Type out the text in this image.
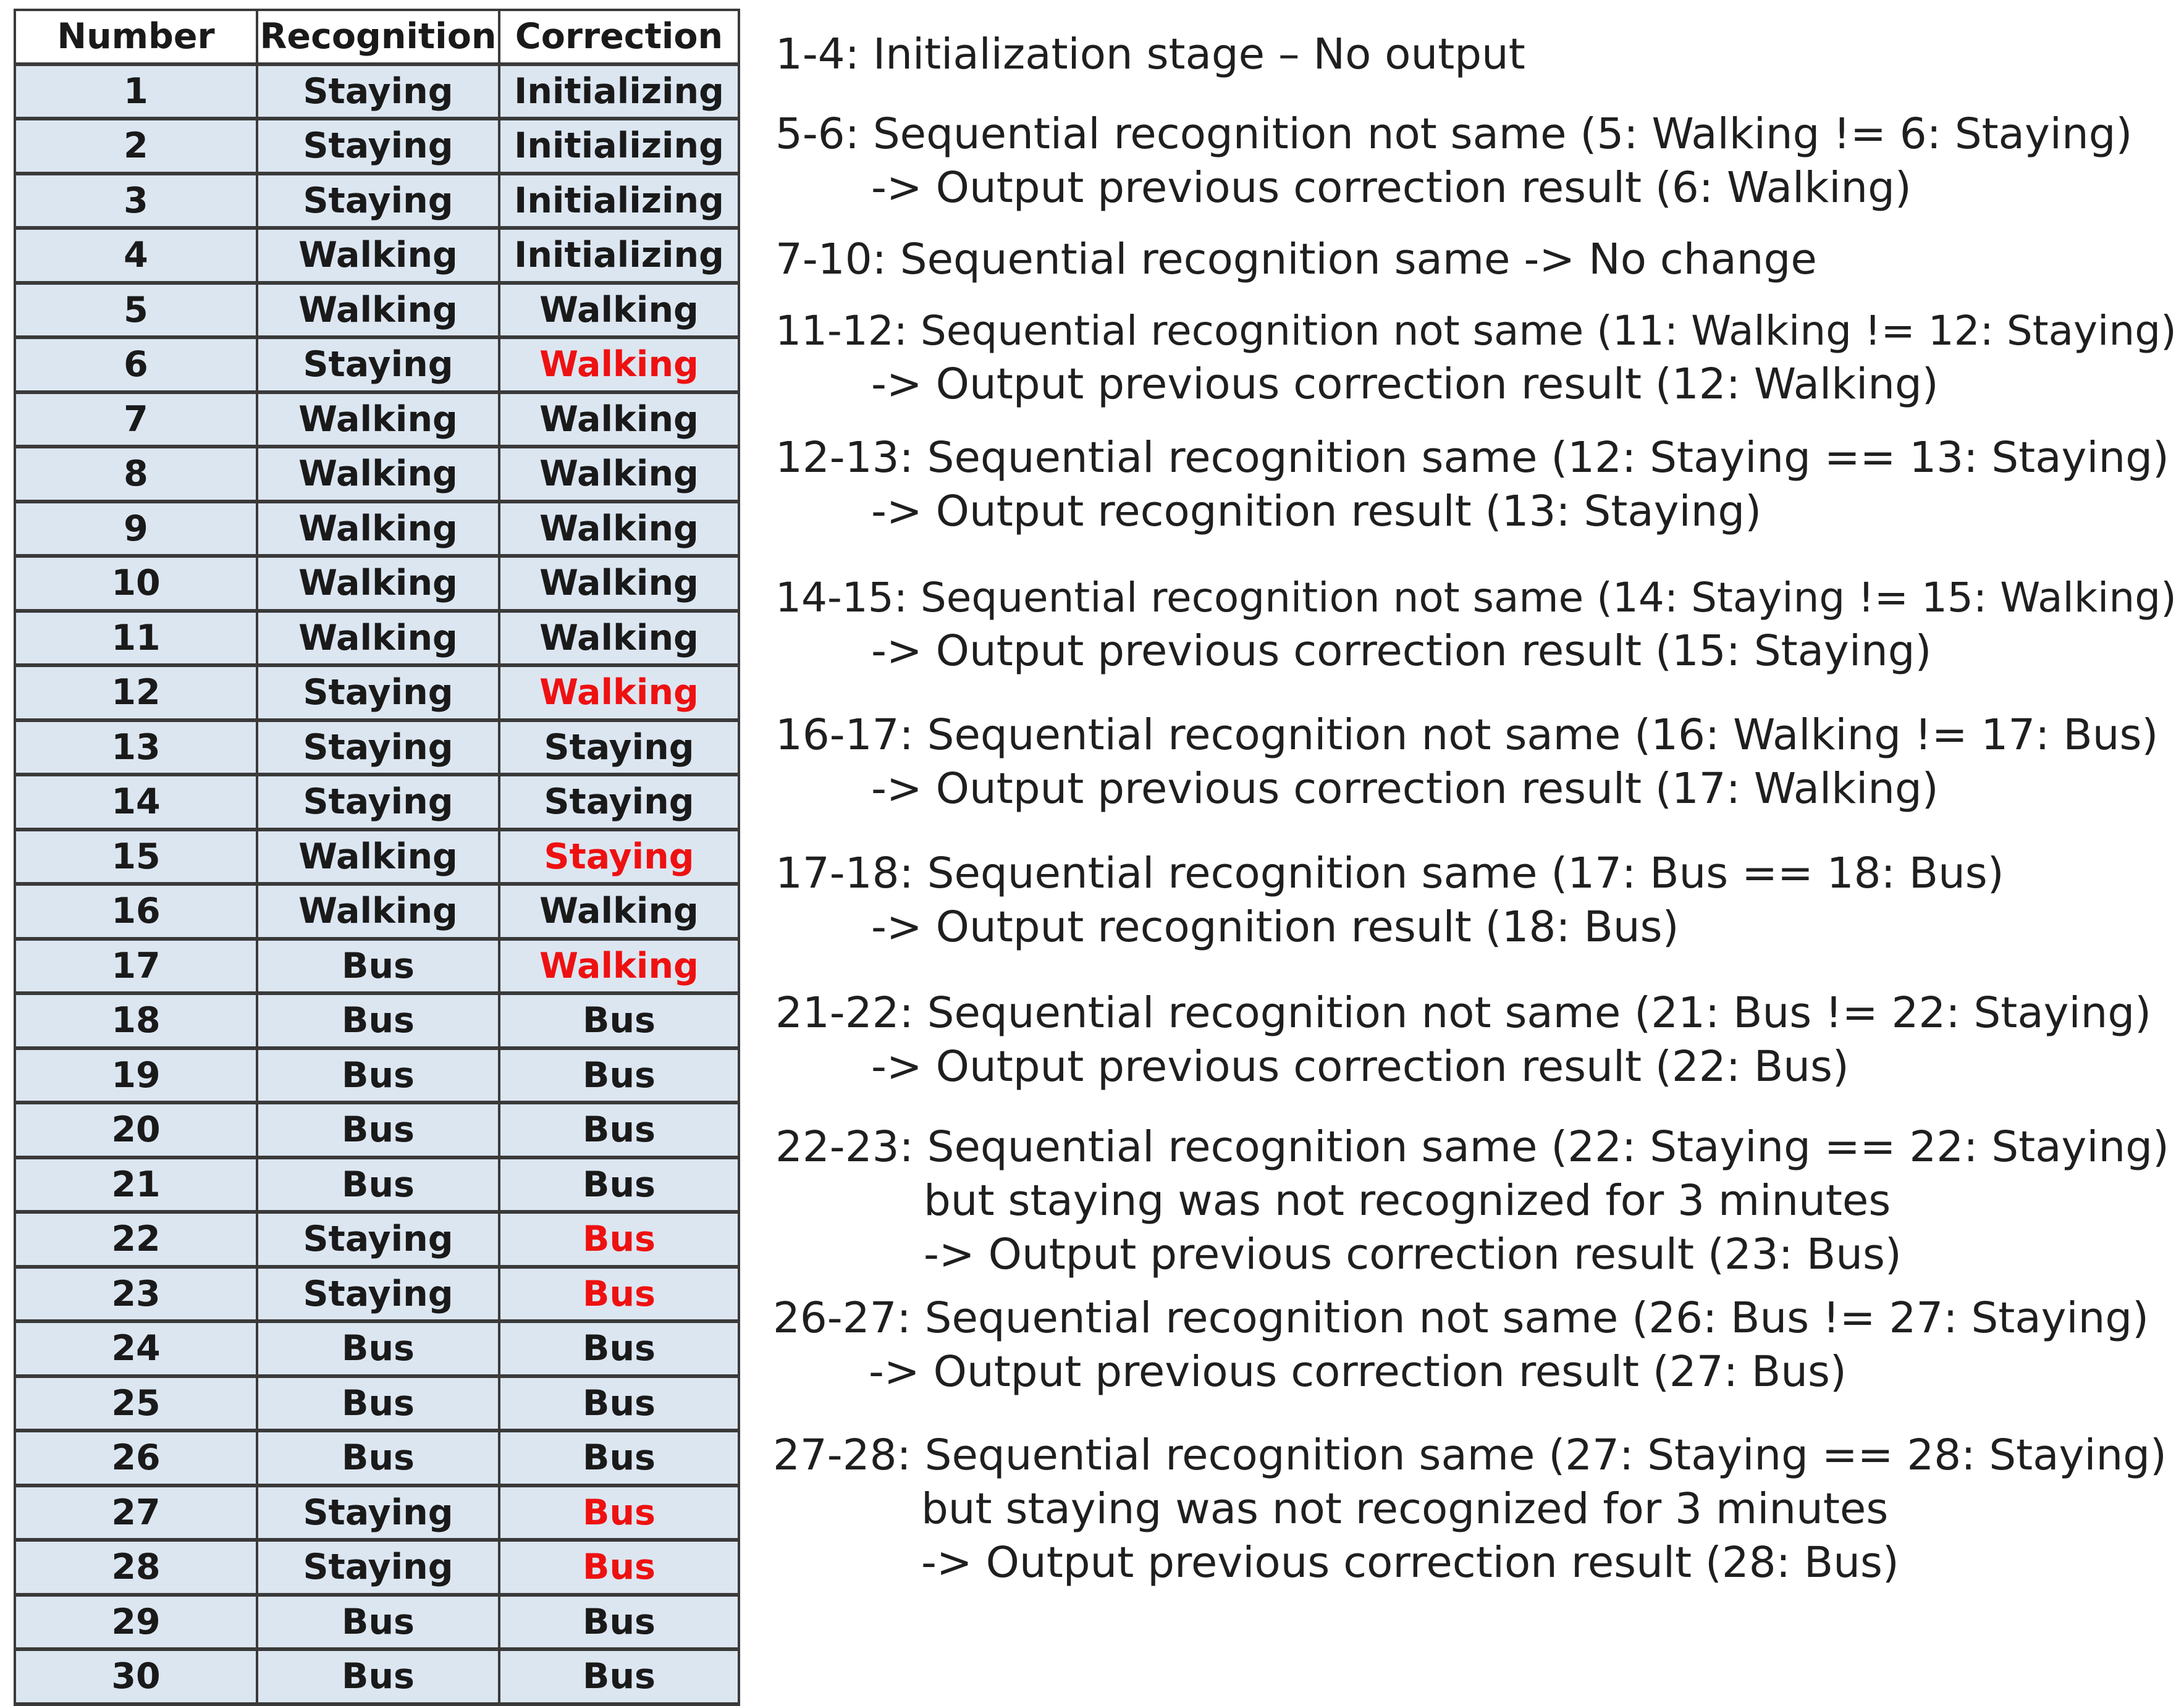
Number	Recognition	Correction
1	Staying	Initializing
2	Staying	Initializing
3	Staying	Initializing
4	Walking	Initializing
5	Walking	Walking
6	Staying	Walking
7	Walking	Walking
8	Walking	Walking
9	Walking	Walking
10	Walking	Walking
11	Walking	Walking
12	Staying	Walking
13	Staying	Staying
14	Staying	Staying
15	Walking	Staying
16	Walking	Walking
17	Bus	Walking
18	Bus	Bus
19	Bus	Bus
20	Bus	Bus
21	Bus	Bus
22	Staying	Bus
23	Staying	Bus
24	Bus	Bus
25	Bus	Bus
26	Bus	Bus
27	Staying	Bus
28	Staying	Bus
29	Bus	Bus
30	Bus	Bus
1-4: Initialization stage – No output
5-6: Sequential recognition not same (5: Walking != 6: Staying)
-> Output previous correction result (6: Walking)
7-10: Sequential recognition same -> No change
11-12: Sequential recognition not same (11: Walking != 12: Staying)
-> Output previous correction result (12: Walking)
12-13: Sequential recognition same (12: Staying == 13: Staying)
-> Output recognition result (13: Staying)
14-15: Sequential recognition not same (14: Staying != 15: Walking)
-> Output previous correction result (15: Staying)
16-17: Sequential recognition not same (16: Walking != 17: Bus)
-> Output previous correction result (17: Walking)
17-18: Sequential recognition same (17: Bus == 18: Bus)
-> Output recognition result (18: Bus)
21-22: Sequential recognition not same (21: Bus != 22: Staying)
-> Output previous correction result (22: Bus)
22-23: Sequential recognition same (22: Staying == 22: Staying)
but staying was not recognized for 3 minutes
-> Output previous correction result (23: Bus)
26-27: Sequential recognition not same (26: Bus != 27: Staying)
-> Output previous correction result (27: Bus)
27-28: Sequential recognition same (27: Staying == 28: Staying)
but staying was not recognized for 3 minutes
-> Output previous correction result (28: Bus)
